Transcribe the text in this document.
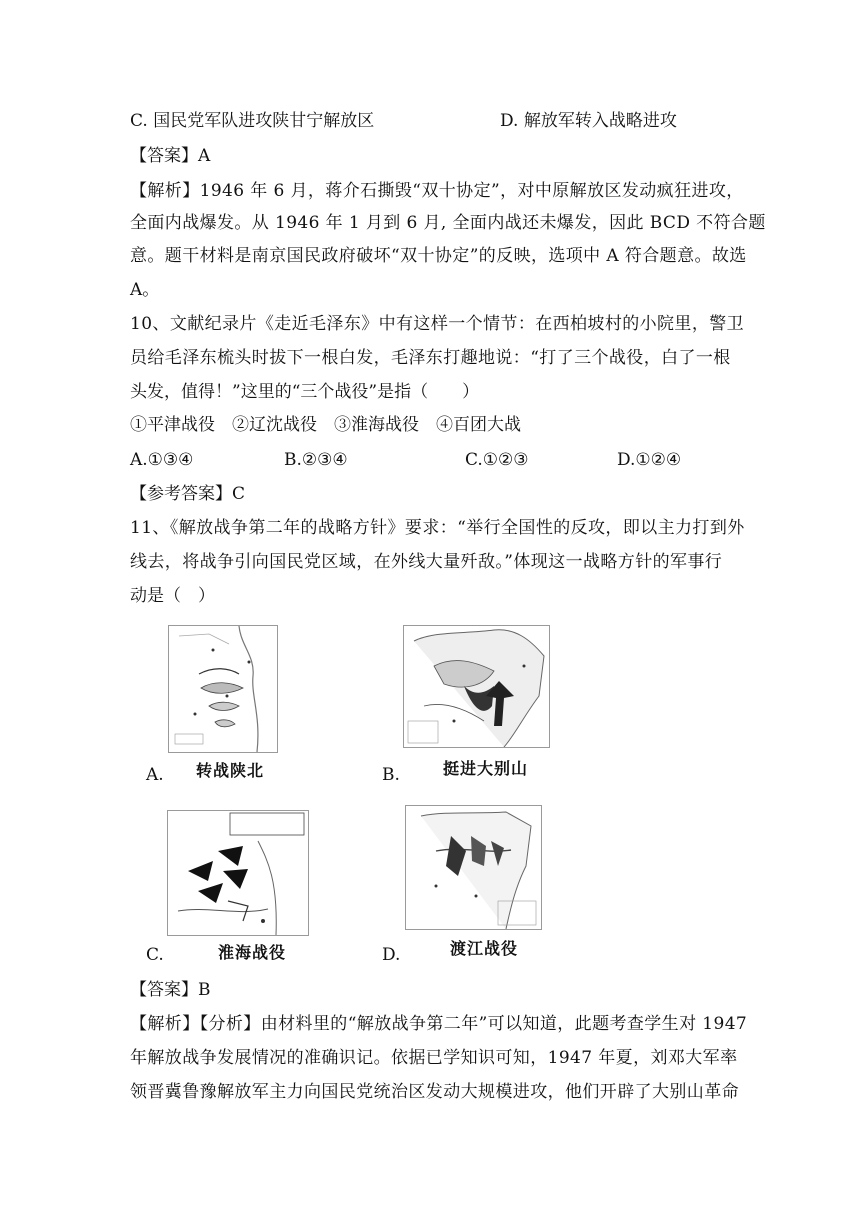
C. 国民党军队进攻陕甘宁解放区	D. 解放军转入战略进攻
【答案】A
【解析】1946 年 6 月，蒋介石撕毁“双十协定”，对中原解放区发动疯狂进攻，
全面内战爆发。从 1946 年 1 月到 6 月, 全面内战还未爆发，因此 BCD 不符合题
意。题干材料是南京国民政府破坏“双十协定”的反映，选项中 A 符合题意。故选
A。
10、文献纪录片《走近毛泽东》中有这样一个情节：在西柏坡村的小院里，警卫
员给毛泽东梳头时拔下一根白发，毛泽东打趣地说：“打了三个战役，白了一根
头发，值得！”这里的“三个战役”是指（　　）
①平津战役　②辽沈战役　③淮海战役　④百团大战
A.①③④	B.②③④	C.①②③	D.①②④
【参考答案】C
11、《解放战争第二年的战略方针》要求：“举行全国性的反攻，即以主力打到外
线去，将战争引向国民党区域，在外线大量歼敌。”体现这一战略方针的军事行
动是（　）
A. 转战陕北	B.	挺进大别山
C.	淮海战役	D.	渡江战役
【答案】B
【解析】【分析】由材料里的“解放战争第二年”可以知道，此题考查学生对 1947
年解放战争发展情况的准确识记。依据已学知识可知，1947 年夏，刘邓大军率
领晋冀鲁豫解放军主力向国民党统治区发动大规模进攻，他们开辟了大别山革命
